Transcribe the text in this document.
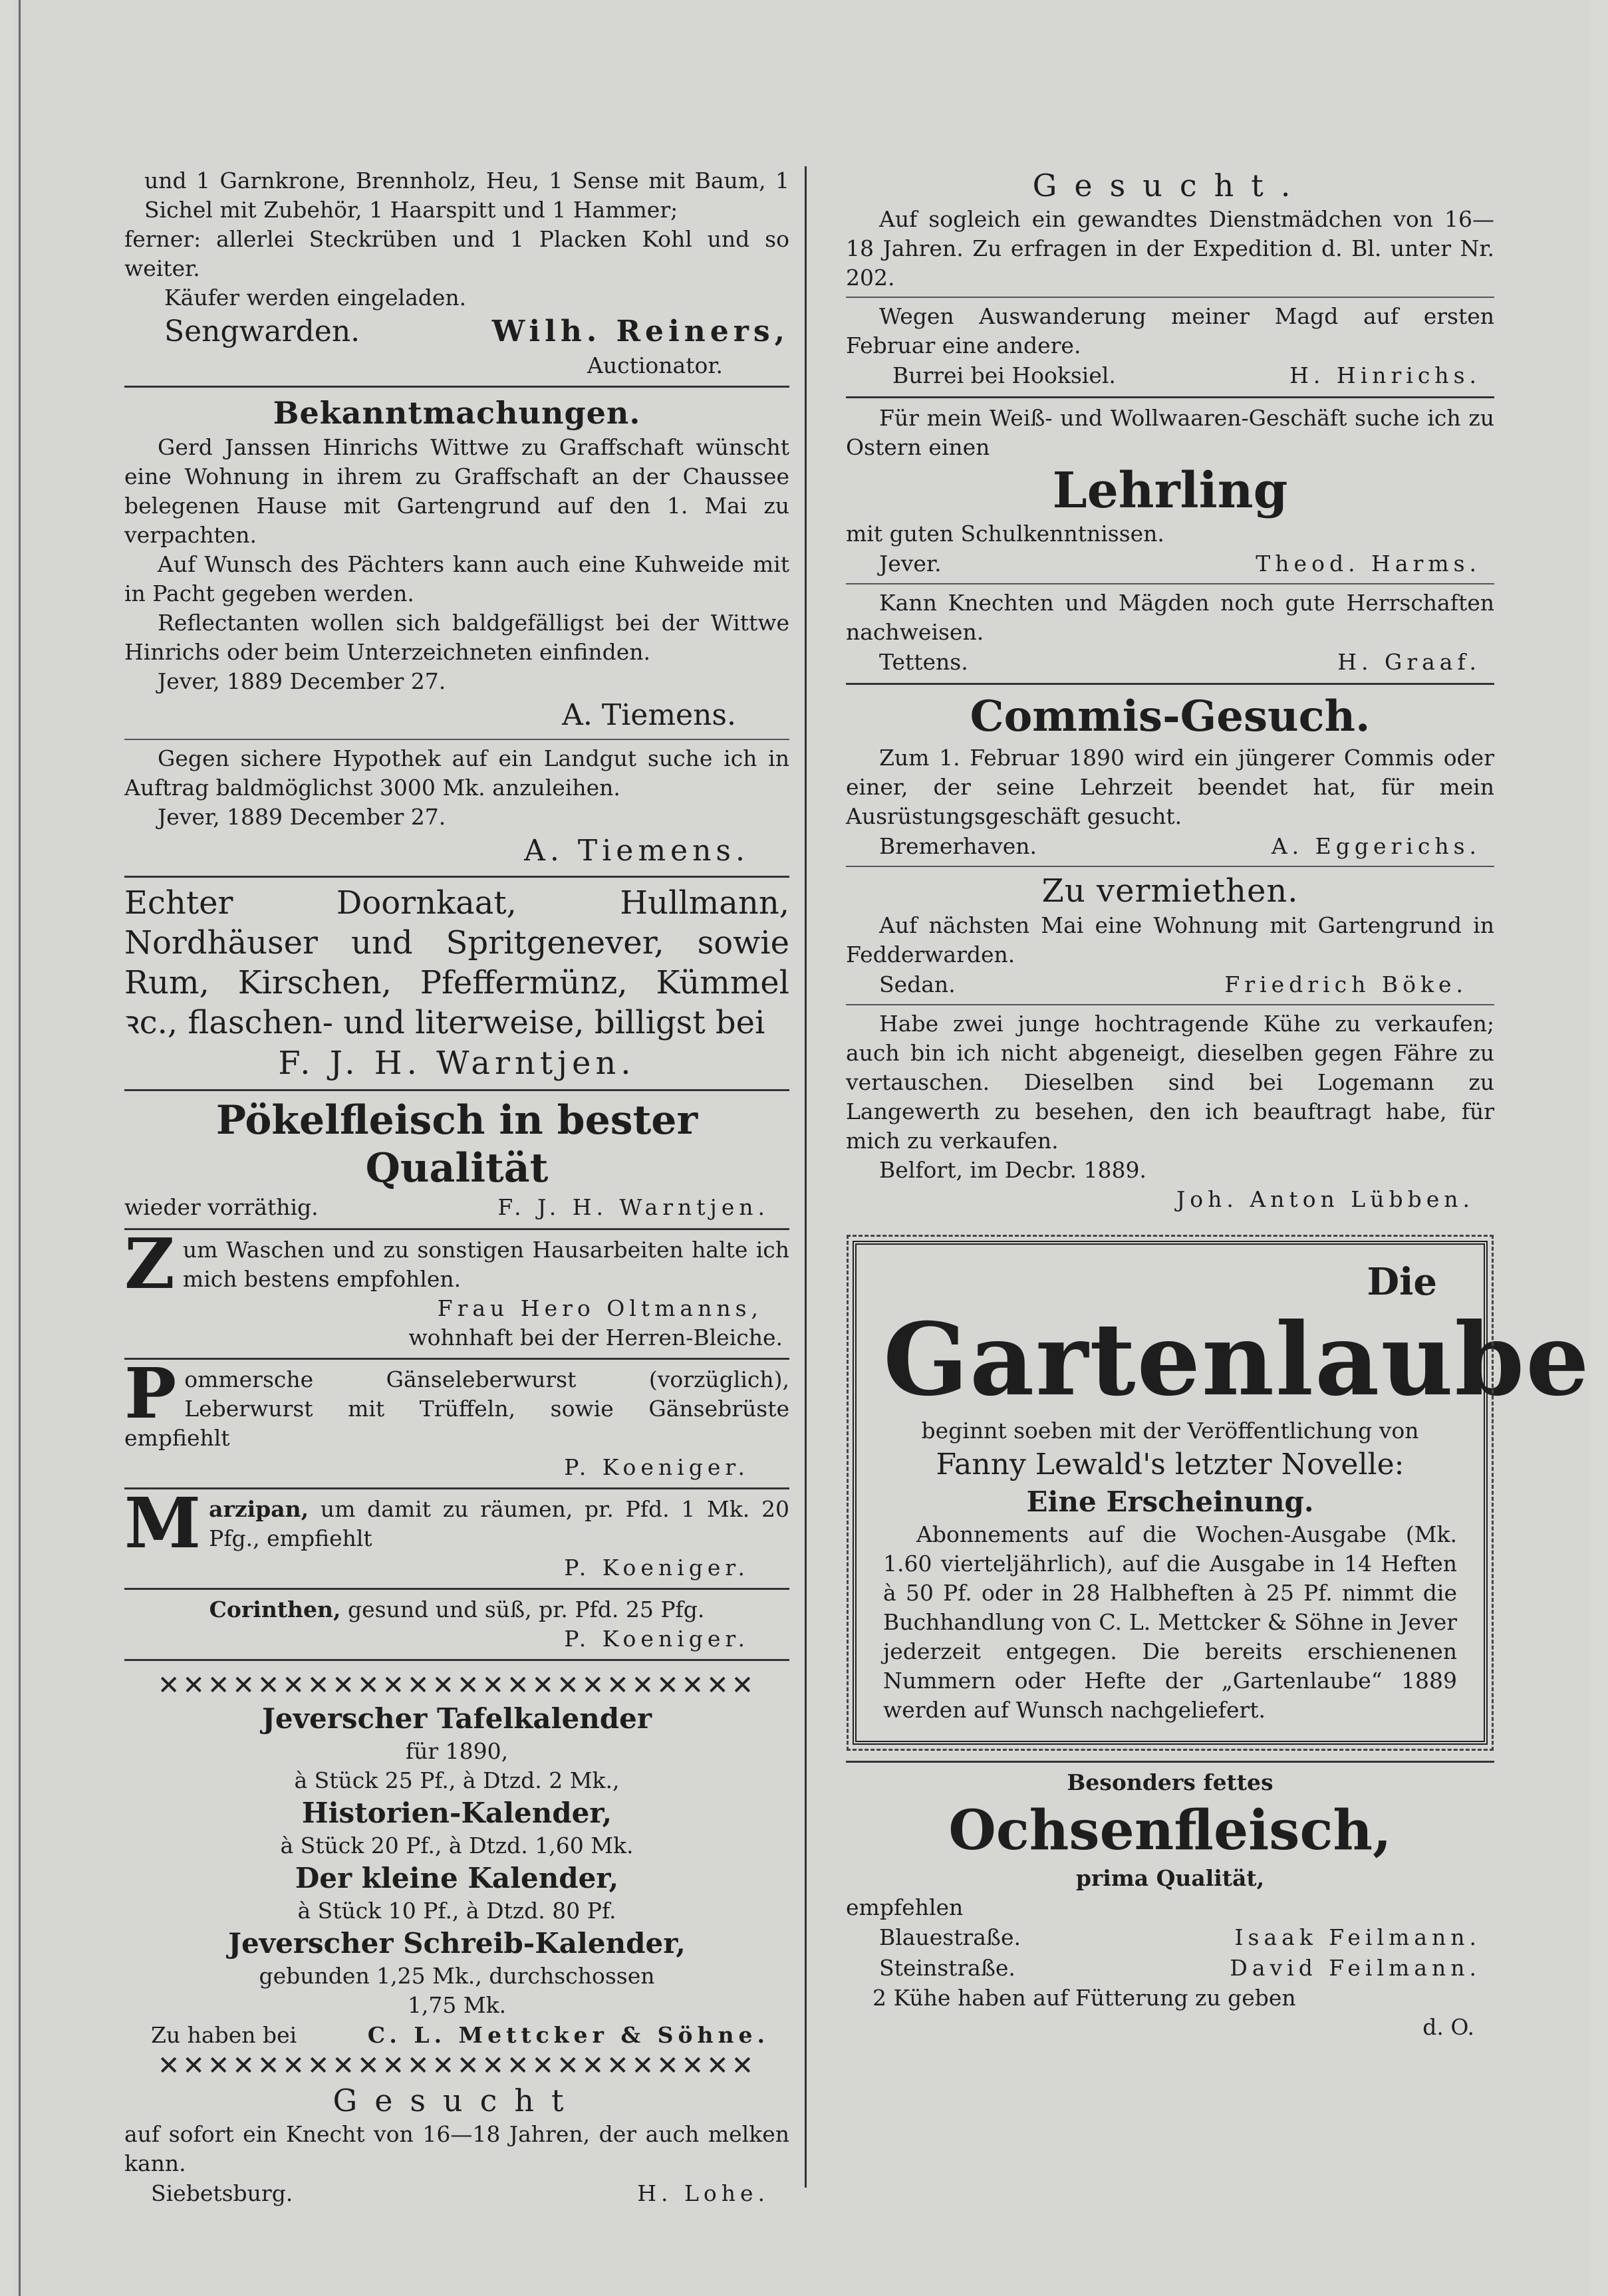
und 1 Garnkrone, Brennholz, Heu, 1 Sense mit Baum, 1 Sichel mit Zubehör, 1 Haarspitt und 1 Hammer;

ferner: allerlei Steckrüben und 1 Placken Kohl und so weiter.

Käufer werden eingeladen.

Sengwarden.	Wilh. Reiners,

Auctionator.

Bekanntmachungen.

Gerd Janssen Hinrichs Wittwe zu Graffschaft wünscht eine Wohnung in ihrem zu Graffschaft an der Chaussee belegenen Hause mit Gartengrund auf den 1. Mai zu verpachten.

Auf Wunsch des Pächters kann auch eine Kuhweide mit in Pacht gegeben werden.

Reflectanten wollen sich baldgefälligst bei der Wittwe Hinrichs oder beim Unterzeichneten einfinden.

Jever, 1889 December 27.

A. Tiemens.

Gegen sichere Hypothek auf ein Landgut suche ich in Auftrag baldmöglichst 3000 Mk. anzuleihen.

Jever, 1889 December 27.

A. Tiemens.

Echter Doornkaat, Hullmann, Nordhäuser und Spritgenever, sowie Rum, Kirschen, Pfeffermünz, Kümmel ꝛc., flaschen- und literweise, billigst bei

F. J. H. Warntjen.

Pökelfleisch in bester Qualität

wieder vorräthig.	F. J. H. Warntjen.
Z um Waschen und zu sonstigen Hausarbeiten halte ich mich bestens empfohlen.

Frau Hero Oltmanns,

wohnhaft bei der Herren-Bleiche.

P ommersche Gänseleberwurst (vorzüglich), Leberwurst mit Trüffeln, sowie Gänsebrüste empfiehlt

P. Koeniger.

M arzipan, um damit zu räumen, pr. Pfd. 1 Mk. 20 Pfg., empfiehlt

P. Koeniger.

Corinthen, gesund und süß, pr. Pfd. 25 Pfg.

P. Koeniger.

✕✕✕✕✕✕✕✕✕✕✕✕✕✕✕✕✕✕✕✕✕✕✕✕

Jeverscher Tafelkalender

für 1890,

à Stück 25 Pf., à Dtzd. 2 Mk.,

Historien-Kalender,

à Stück 20 Pf., à Dtzd. 1,60 Mk.

Der kleine Kalender,

à Stück 10 Pf., à Dtzd. 80 Pf.

Jeverscher Schreib-Kalender,

gebunden 1,25 Mk., durchschossen

1,75 Mk.

Zu haben bei	C. L. Mettcker & Söhne.

✕✕✕✕✕✕✕✕✕✕✕✕✕✕✕✕✕✕✕✕✕✕✕✕

Gesucht

auf sofort ein Knecht von 16—18 Jahren, der auch melken kann.

Siebetsburg.	H. Lohe.

Gesucht.

Auf sogleich ein gewandtes Dienstmädchen von 16—18 Jahren. Zu erfragen in der Expedition d. Bl. unter Nr. 202.

Wegen Auswanderung meiner Magd auf ersten Februar eine andere.

Burrei bei Hooksiel.	H. Hinrichs.

Für mein Weiß- und Wollwaaren-Geschäft suche ich zu Ostern einen

Lehrling

mit guten Schulkenntnissen.

Jever.	Theod. Harms.

Kann Knechten und Mägden noch gute Herrschaften nachweisen.

Tettens.	H. Graaf.

Commis-Gesuch.

Zum 1. Februar 1890 wird ein jüngerer Commis oder einer, der seine Lehrzeit beendet hat, für mein Ausrüstungsgeschäft gesucht.

Bremerhaven.	A. Eggerichs.

Zu vermiethen.

Auf nächsten Mai eine Wohnung mit Gartengrund in Fedderwarden.

Sedan.	Friedrich Böke.

Habe zwei junge hochtragende Kühe zu verkaufen; auch bin ich nicht abgeneigt, dieselben gegen Fähre zu vertauschen. Dieselben sind bei Logemann zu Langewerth zu besehen, den ich beauftragt habe, für mich zu verkaufen.

Belfort, im Decbr. 1889.

Joh. Anton Lübben.

Die

Gartenlaube

beginnt soeben mit der Veröffentlichung von

Fanny Lewald's letzter Novelle:

Eine Erscheinung.

Abonnements auf die Wochen-Ausgabe (Mk. 1.60 vierteljährlich), auf die Ausgabe in 14 Heften à 50 Pf. oder in 28 Halbheften à 25 Pf. nimmt die Buchhandlung von C. L. Mettcker & Söhne in Jever jederzeit entgegen. Die bereits erschienenen Nummern oder Hefte der „Gartenlaube“ 1889 werden auf Wunsch nachgeliefert.

Besonders fettes

Ochsenfleisch,

prima Qualität,

empfehlen

Blauestraße.	Isaak Feilmann.
Steinstraße.	David Feilmann.

2 Kühe haben auf Fütterung zu geben

d. O.
